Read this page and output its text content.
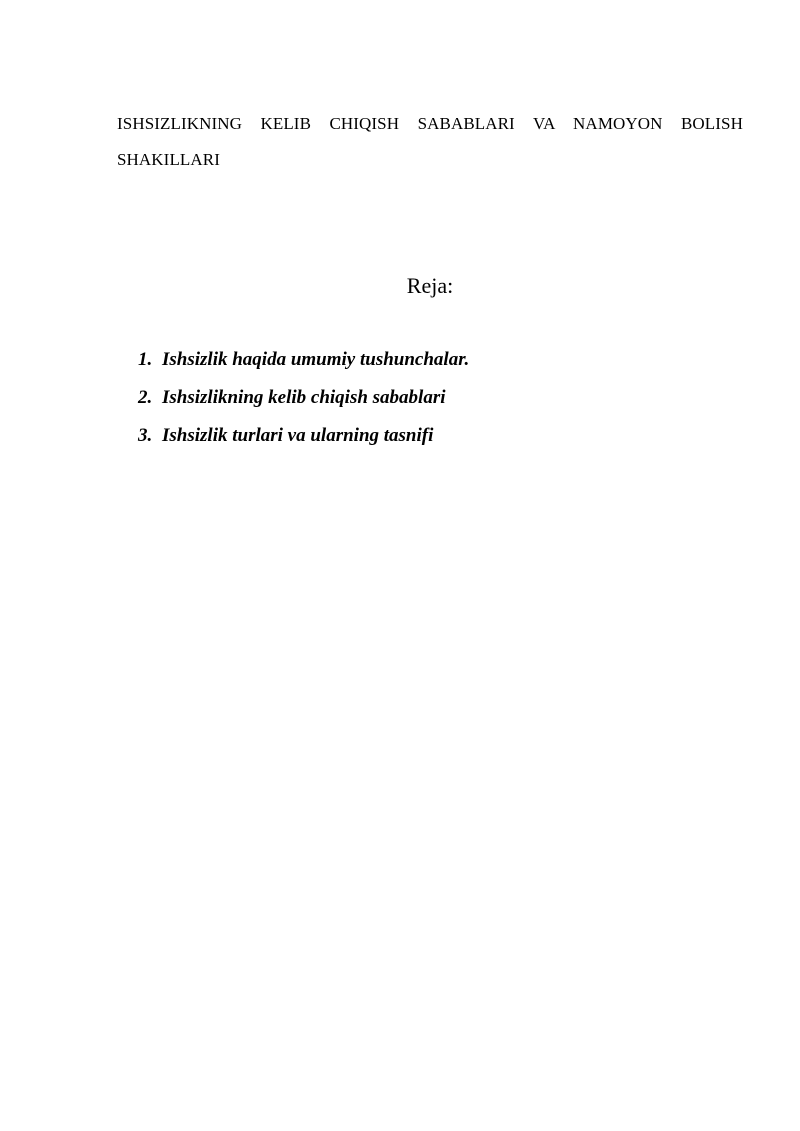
ISHSIZLIKNING KELIB CHIQISH SABABLARI VA NAMOYON BOLISH SHAKILLARI

Reja:
1. Ishsizlik haqida umumiy tushunchalar.
2. Ishsizlikning kelib chiqish sabablari
3. Ishsizlik turlari va ularning tasnifi
